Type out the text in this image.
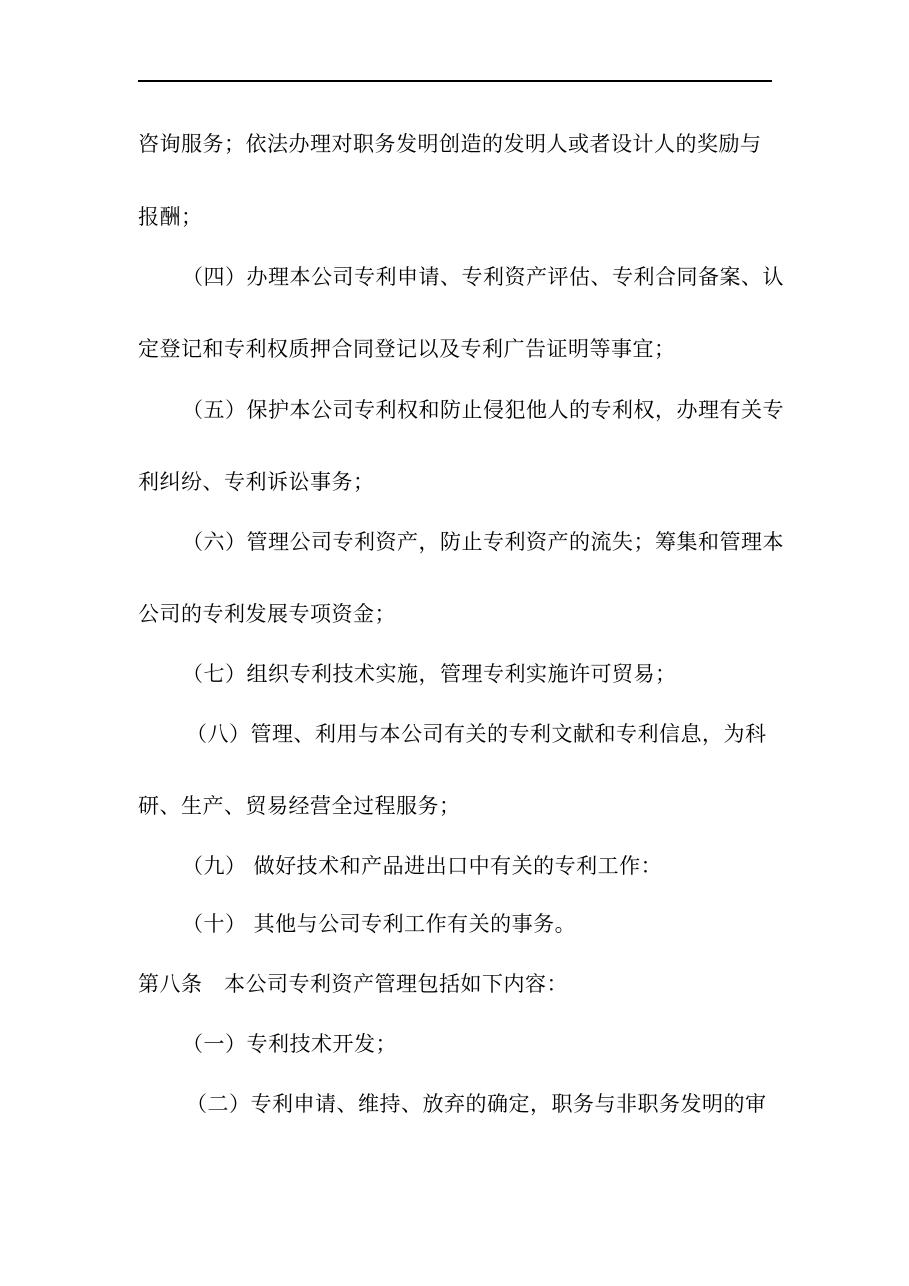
咨询服务；依法办理对职务发明创造的发明人或者设计人的奖励与
报酬；
（四）办理本公司专利申请、专利资产评估、专利合同备案、认
定登记和专利权质押合同登记以及专利广告证明等事宜；
（五）保护本公司专利权和防止侵犯他人的专利权，办理有关专
利纠纷、专利诉讼事务；
（六）管理公司专利资产，防止专利资产的流失；筹集和管理本
公司的专利发展专项资金；
（七）组织专利技术实施，管理专利实施许可贸易；
（八）管理、利用与本公司有关的专利文献和专利信息，为科
研、生产、贸易经营全过程服务；
（九） 做好技术和产品进出口中有关的专利工作：
（十） 其他与公司专利工作有关的事务。
第八条　本公司专利资产管理包括如下内容：
（一）专利技术开发；
（二）专利申请、维持、放弃的确定，职务与非职务发明的审
